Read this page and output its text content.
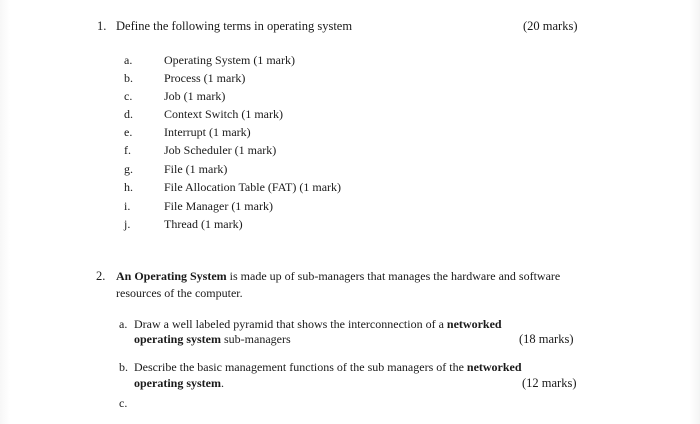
1. Define the following terms in operating system	(20 marks)
a.	Operating System (1 mark)
b.	Process (1 mark)
c.	Job (1 mark)
d.	Context Switch (1 mark)
e.	Interrupt (1 mark)
f.	Job Scheduler (1 mark)
g.	File (1 mark)
h.	File Allocation Table (FAT) (1 mark)
i.	File Manager (1 mark)
j.	Thread (1 mark)
2. An Operating System is made up of sub-managers that manages the hardware and software
resources of the computer.
a. Draw a well labeled pyramid that shows the interconnection of a networked
operating system sub-managers	(18 marks)
b. Describe the basic management functions of the sub managers of the networked
operating system.	(12 marks)
c.
